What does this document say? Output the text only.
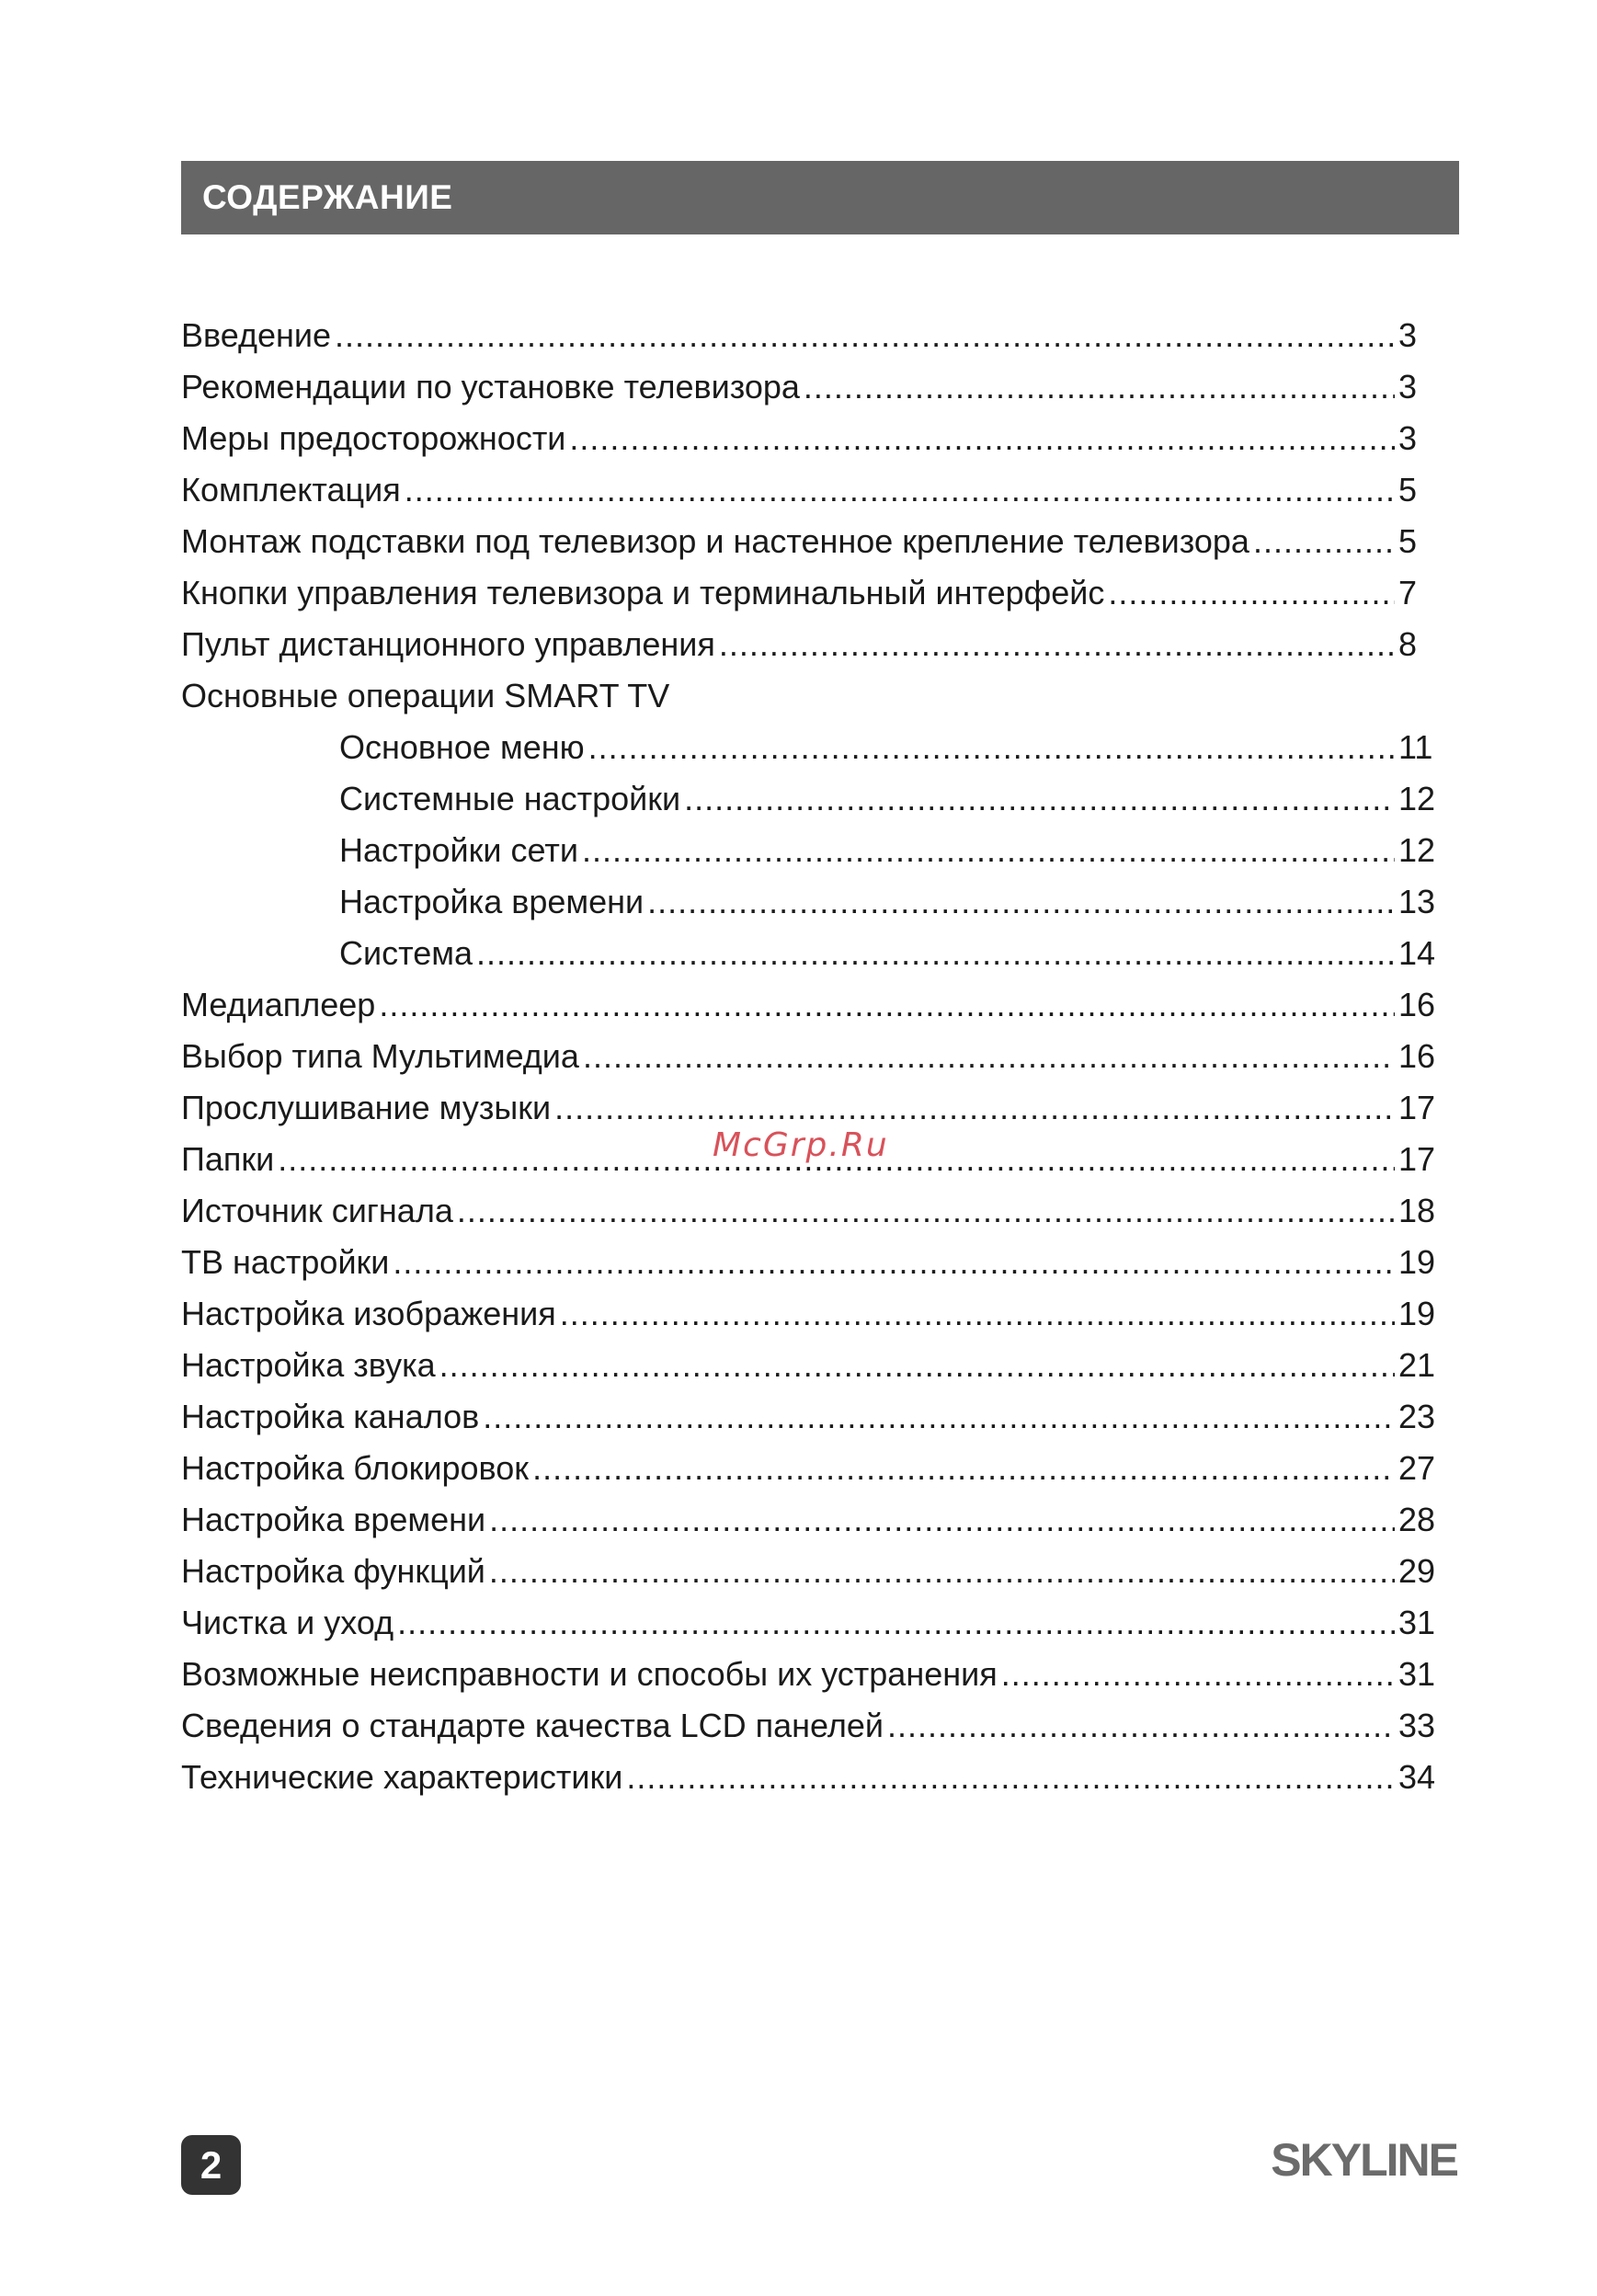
СОДЕРЖАНИЕ
Введение .....	3
Рекомендации по установке телевизора .....	3
Меры предосторожности .....	3
Комплектация .....	5
Монтаж подставки под телевизор и настенное крепление телевизора .....	5
Кнопки управления телевизора и терминальный интерфейс .....	7
Пульт дистанционного управления .....	8
Основные операции SMART TV
Основное меню .....	11
Системные настройки .....	12
Настройки сети .....	12
Настройка времени .....	13
Система .....	14
Медиаплеер .....	16
Выбор типа Мультимедиа .....	16
Прослушивание музыки .....	17
Папки .....	17
Источник сигнала .....	18
ТВ настройки .....	19
Настройка изображения .....	19
Настройка звука .....	21
Настройка каналов .....	23
Настройка блокировок .....	27
Настройка времени .....	28
Настройка функций .....	29
Чистка и уход .....	31
Возможные неисправности и способы их устранения .....	31
Сведения о стандарте качества LCD панелей .....	33
Технические характеристики .....	34
McGrp.Ru
2	SKYLINE
